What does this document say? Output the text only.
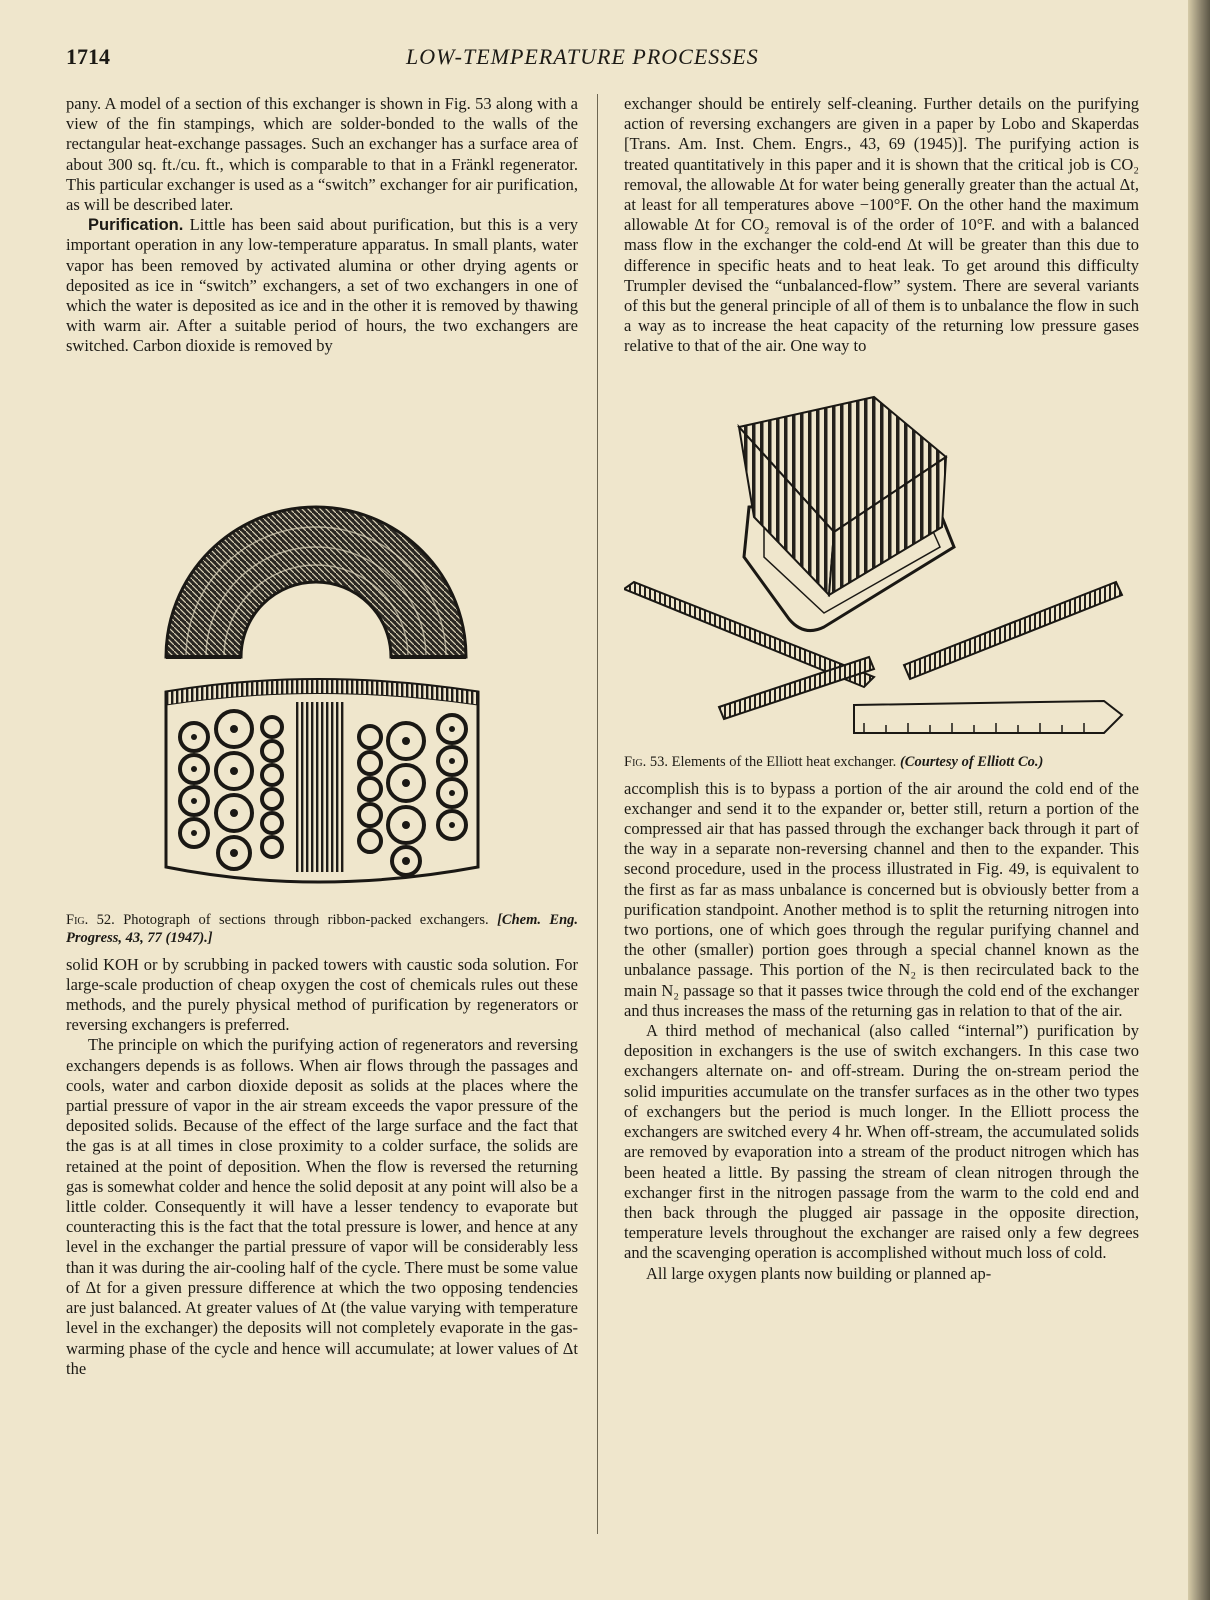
1714	LOW-TEMPERATURE PROCESSES

pany. A model of a section of this exchanger is shown in Fig. 53 along with a view of the fin stampings, which are solder-bonded to the walls of the rectangular heat-exchange passages. Such an exchanger has a surface area of about 300 sq. ft./cu. ft., which is comparable to that in a Fränkl regenerator. This particular exchanger is used as a “switch” exchanger for air purification, as will be described later.

Purification. Little has been said about purification, but this is a very important operation in any low-temperature apparatus. In small plants, water vapor has been removed by activated alumina or other drying agents or deposited as ice in “switch” exchangers, a set of two exchangers in one of which the water is deposited as ice and in the other it is removed by thawing with warm air. After a suitable period of hours, the two exchangers are switched. Carbon dioxide is removed by

Fig. 52. Photograph of sections through ribbon-packed exchangers. [Chem. Eng. Progress, 43, 77 (1947).]

solid KOH or by scrubbing in packed towers with caustic soda solution. For large-scale production of cheap oxygen the cost of chemicals rules out these methods, and the purely physical method of purification by regenerators or reversing exchangers is preferred.

The principle on which the purifying action of regenerators and reversing exchangers depends is as follows. When air flows through the passages and cools, water and carbon dioxide deposit as solids at the places where the partial pressure of vapor in the air stream exceeds the vapor pressure of the deposited solids. Because of the effect of the large surface and the fact that the gas is at all times in close proximity to a colder surface, the solids are retained at the point of deposition. When the flow is reversed the returning gas is somewhat colder and hence the solid deposit at any point will also be a little colder. Consequently it will have a lesser tendency to evaporate but counteracting this is the fact that the total pressure is lower, and hence at any level in the exchanger the partial pressure of vapor will be considerably less than it was during the air-cooling half of the cycle. There must be some value of Δt for a given pressure difference at which the two opposing tendencies are just balanced. At greater values of Δt (the value varying with temperature level in the exchanger) the deposits will not completely evaporate in the gas-warming phase of the cycle and hence will accumulate; at lower values of Δt the

exchanger should be entirely self-cleaning. Further details on the purifying action of reversing exchangers are given in a paper by Lobo and Skaperdas [Trans. Am. Inst. Chem. Engrs., 43, 69 (1945)]. The purifying action is treated quantitatively in this paper and it is shown that the critical job is CO₂ removal, the allowable Δt for water being generally greater than the actual Δt, at least for all temperatures above −100°F. On the other hand the maximum allowable Δt for CO₂ removal is of the order of 10°F. and with a balanced mass flow in the exchanger the cold-end Δt will be greater than this due to difference in specific heats and to heat leak. To get around this difficulty Trumpler devised the “unbalanced-flow” system. There are several variants of this but the general principle of all of them is to unbalance the flow in such a way as to increase the heat capacity of the returning low pressure gases relative to that of the air. One way to

Fig. 53. Elements of the Elliott heat exchanger. (Courtesy of Elliott Co.)

accomplish this is to bypass a portion of the air around the cold end of the exchanger and send it to the expander or, better still, return a portion of the compressed air that has passed through the exchanger back through it part of the way in a separate non-reversing channel and then to the expander. This second procedure, used in the process illustrated in Fig. 49, is equivalent to the first as far as mass unbalance is concerned but is obviously better from a purification standpoint. Another method is to split the returning nitrogen into two portions, one of which goes through the regular purifying channel and the other (smaller) portion goes through a special channel known as the unbalance passage. This portion of the N₂ is then recirculated back to the main N₂ passage so that it passes twice through the cold end of the exchanger and thus increases the mass of the returning gas in relation to that of the air.

A third method of mechanical (also called “internal”) purification by deposition in exchangers is the use of switch exchangers. In this case two exchangers alternate on- and off-stream. During the on-stream period the solid impurities accumulate on the transfer surfaces as in the other two types of exchangers but the period is much longer. In the Elliott process the exchangers are switched every 4 hr. When off-stream, the accumulated solids are removed by evaporation into a stream of the product nitrogen which has been heated a little. By passing the stream of clean nitrogen through the exchanger first in the nitrogen passage from the warm to the cold end and then back through the plugged air passage in the opposite direction, temperature levels throughout the exchanger are raised only a few degrees and the scavenging operation is accomplished without much loss of cold.

All large oxygen plants now building or planned ap-
